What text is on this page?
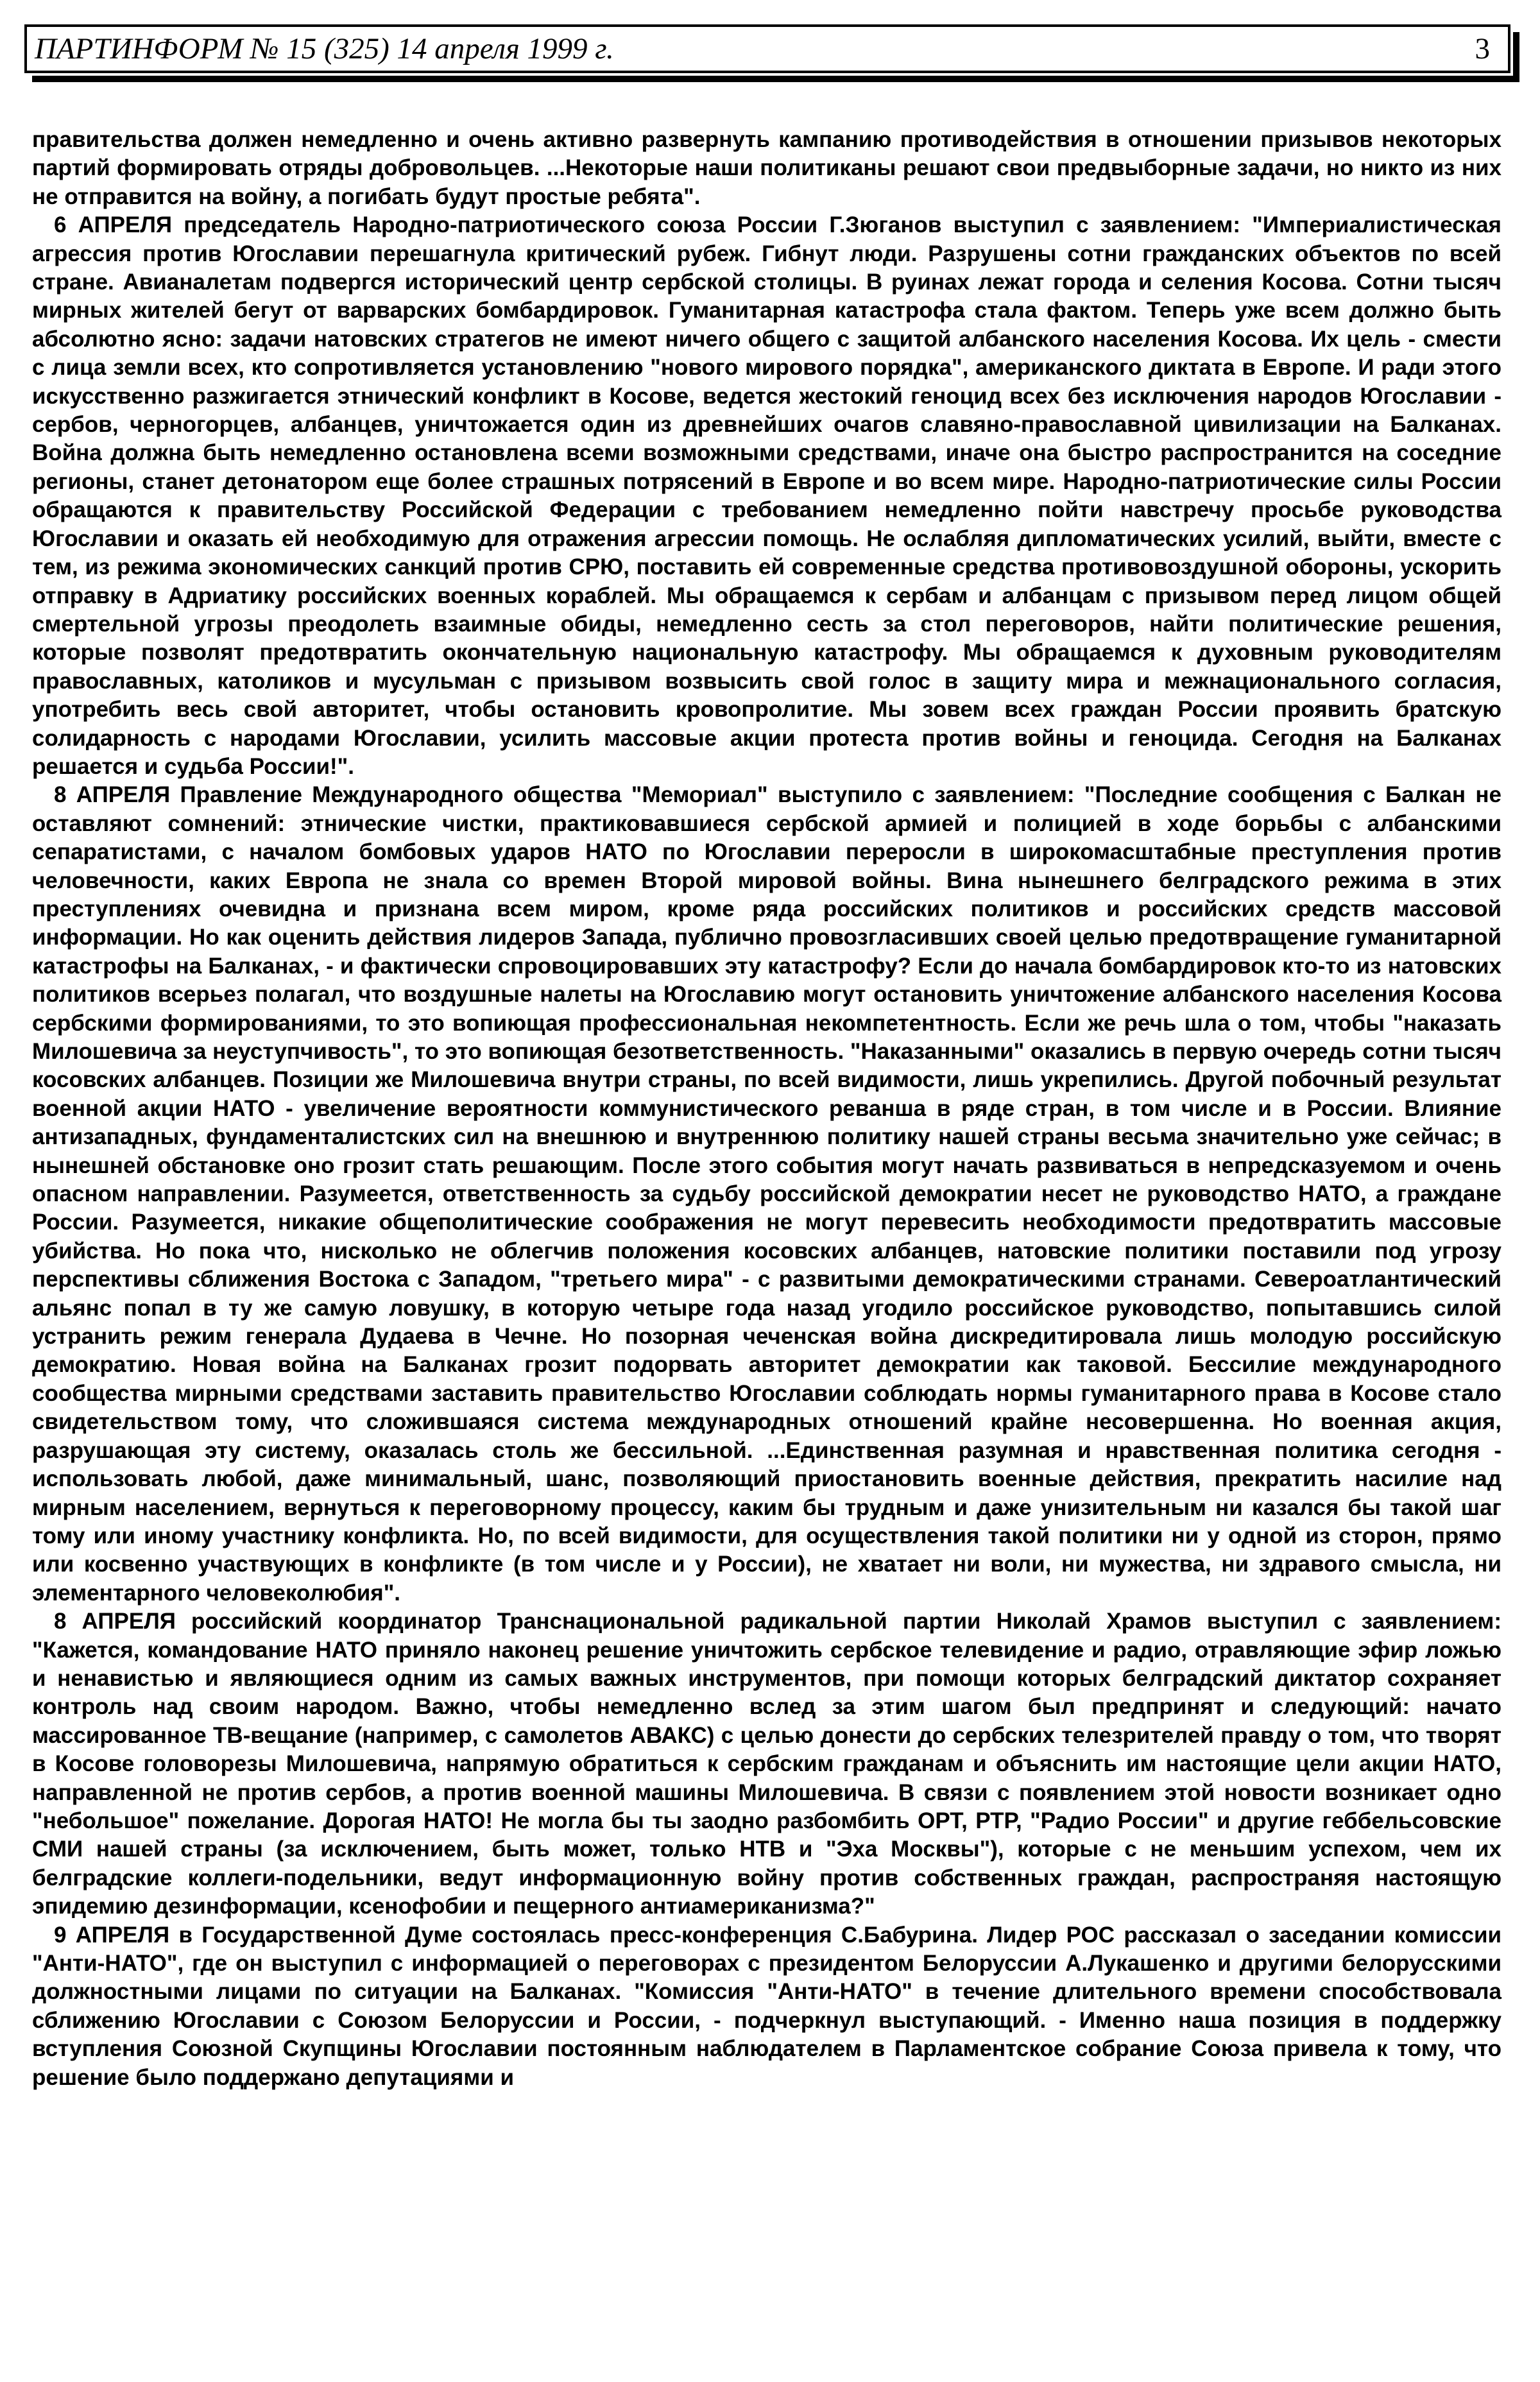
ПАРТИНФОРМ № 15 (325) 14 апреля 1999 г.	3

правительства должен немедленно и очень активно развернуть кампанию противодействия в отношении призывов некоторых партий формировать отряды добровольцев. ...Некоторые наши политиканы решают свои предвыборные задачи, но никто из них не отправится на войну, а погибать будут простые ребята".

6 АПРЕЛЯ председатель Народно-патриотического союза России Г.Зюганов выступил с заявлением: "Империалистическая агрессия против Югославии перешагнула критический рубеж. Гибнут люди. Разрушены сотни гражданских объектов по всей стране. Авианалетам подвергся исторический центр сербской столицы. В руинах лежат города и селения Косова. Сотни тысяч мирных жителей бегут от варварских бомбардировок. Гуманитарная катастрофа стала фактом. Теперь уже всем должно быть абсолютно ясно: задачи натовских стратегов не имеют ничего общего с защитой албанского населения Косова. Их цель - смести с лица земли всех, кто сопротивляется установлению "нового мирового порядка", американского диктата в Европе. И ради этого искусственно разжигается этнический конфликт в Косове, ведется жестокий геноцид всех без исключения народов Югославии - сербов, черногорцев, албанцев, уничтожается один из древнейших очагов славяно-православной цивилизации на Балканах. Война должна быть немедленно остановлена всеми возможными средствами, иначе она быстро распространится на соседние регионы, станет детонатором еще более страшных потрясений в Европе и во всем мире. Народно-патриотические силы России обращаются к правительству Российской Федерации с требованием немедленно пойти навстречу просьбе руководства Югославии и оказать ей необходимую для отражения агрессии помощь. Не ослабляя дипломатических усилий, выйти, вместе с тем, из режима экономических санкций против СРЮ, поставить ей современные средства противовоздушной обороны, ускорить отправку в Адриатику российских военных кораблей. Мы обращаемся к сербам и албанцам с призывом перед лицом общей смертельной угрозы преодолеть взаимные обиды, немедленно сесть за стол переговоров, найти политические решения, которые позволят предотвратить окончательную национальную катастрофу. Мы обращаемся к духовным руководителям православных, католиков и мусульман с призывом возвысить свой голос в защиту мира и межнационального согласия, употребить весь свой авторитет, чтобы остановить кровопролитие. Мы зовем всех граждан России проявить братскую солидарность с народами Югославии, усилить массовые акции протеста против войны и геноцида. Сегодня на Балканах решается и судьба России!".

8 АПРЕЛЯ Правление Международного общества "Мемориал" выступило с заявлением: "Последние сообщения с Балкан не оставляют сомнений: этнические чистки, практиковавшиеся сербской армией и полицией в ходе борьбы с албанскими сепаратистами, с началом бомбовых ударов НАТО по Югославии переросли в широкомасштабные преступления против человечности, каких Европа не знала со времен Второй мировой войны. Вина нынешнего белградского режима в этих преступлениях очевидна и признана всем миром, кроме ряда российских политиков и российских средств массовой информации. Но как оценить действия лидеров Запада, публично провозгласивших своей целью предотвращение гуманитарной катастрофы на Балканах, - и фактически спровоцировавших эту катастрофу? Если до начала бомбардировок кто-то из натовских политиков всерьез полагал, что воздушные налеты на Югославию могут остановить уничтожение албанского населения Косова сербскими формированиями, то это вопиющая профессиональная некомпетентность. Если же речь шла о том, чтобы "наказать Милошевича за неуступчивость", то это вопиющая безответственность. "Наказанными" оказались в первую очередь сотни тысяч косовских албанцев. Позиции же Милошевича внутри страны, по всей видимости, лишь укрепились. Другой побочный результат военной акции НАТО - увеличение вероятности коммунистического реванша в ряде стран, в том числе и в России. Влияние антизападных, фундаменталистских сил на внешнюю и внутреннюю политику нашей страны весьма значительно уже сейчас; в нынешней обстановке оно грозит стать решающим. После этого события могут начать развиваться в непредсказуемом и очень опасном направлении. Разумеется, ответственность за судьбу российской демократии несет не руководство НАТО, а граждане России. Разумеется, никакие общеполитические соображения не могут перевесить необходимости предотвратить массовые убийства. Но пока что, нисколько не облегчив положения косовских албанцев, натовские политики поставили под угрозу перспективы сближения Востока с Западом, "третьего мира" - с развитыми демократическими странами. Североатлантический альянс попал в ту же самую ловушку, в которую четыре года назад угодило российское руководство, попытавшись силой устранить режим генерала Дудаева в Чечне. Но позорная чеченская война дискредитировала лишь молодую российскую демократию. Новая война на Балканах грозит подорвать авторитет демократии как таковой. Бессилие международного сообщества мирными средствами заставить правительство Югославии соблюдать нормы гуманитарного права в Косове стало свидетельством тому, что сложившаяся система международных отношений крайне несовершенна. Но военная акция, разрушающая эту систему, оказалась столь же бессильной. ...Единственная разумная и нравственная политика сегодня - использовать любой, даже минимальный, шанс, позволяющий приостановить военные действия, прекратить насилие над мирным населением, вернуться к переговорному процессу, каким бы трудным и даже унизительным ни казался бы такой шаг тому или иному участнику конфликта. Но, по всей видимости, для осуществления такой политики ни у одной из сторон, прямо или косвенно участвующих в конфликте (в том числе и у России), не хватает ни воли, ни мужества, ни здравого смысла, ни элементарного человеколюбия".

8 АПРЕЛЯ российский координатор Транснациональной радикальной партии Николай Храмов выступил с заявлением: "Кажется, командование НАТО приняло наконец решение уничтожить сербское телевидение и радио, отравляющие эфир ложью и ненавистью и являющиеся одним из самых важных инструментов, при помощи которых белградский диктатор сохраняет контроль над своим народом. Важно, чтобы немедленно вслед за этим шагом был предпринят и следующий: начато массированное ТВ-вещание (например, с самолетов АВАКС) с целью донести до сербских телезрителей правду о том, что творят в Косове головорезы Милошевича, напрямую обратиться к сербским гражданам и объяснить им настоящие цели акции НАТО, направленной не против сербов, а против военной машины Милошевича. В связи с появлением этой новости возникает одно "небольшое" пожелание. Дорогая НАТО! Не могла бы ты заодно разбомбить ОРТ, РТР, "Радио России" и другие геббельсовские СМИ нашей страны (за исключением, быть может, только НТВ и "Эха Москвы"), которые с не меньшим успехом, чем их белградские коллеги-подельники, ведут информационную войну против собственных граждан, распространяя настоящую эпидемию дезинформации, ксенофобии и пещерного антиамериканизма?"

9 АПРЕЛЯ в Государственной Думе состоялась пресс-конференция С.Бабурина. Лидер РОС рассказал о заседании комиссии "Анти-НАТО", где он выступил с информацией о переговорах с президентом Белоруссии А.Лукашенко и другими белорусскими должностными лицами по ситуации на Балканах. "Комиссия "Анти-НАТО" в течение длительного времени способствовала сближению Югославии с Союзом Белоруссии и России, - подчеркнул выступающий. - Именно наша позиция в поддержку вступления Союзной Скупщины Югославии постоянным наблюдателем в Парламентское собрание Союза привела к тому, что решение было поддержано депутациями и
